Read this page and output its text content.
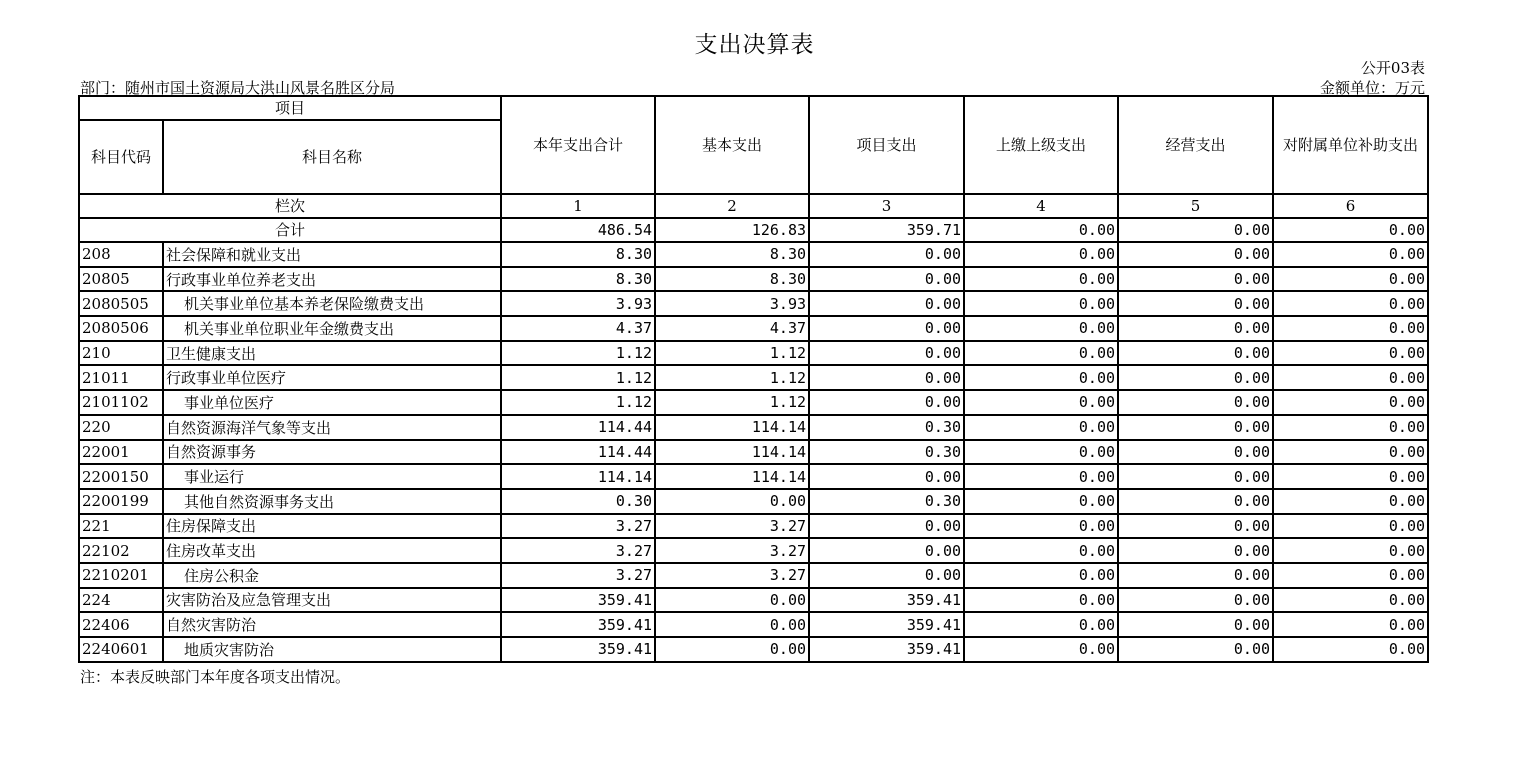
支出决算表
公开03表
部门：随州市国土资源局大洪山风景名胜区分局	金额单位：万元
项目		本年支出合计	基本支出	项目支出	上缴上级支出	经营支出	对附属单位补助支出
科目代码	科目名称						
栏次		1	2	3	4	5	6
合计		486.54	126.83	359.71	0.00	0.00	0.00
208	社会保障和就业支出	8.30	8.30	0.00	0.00	0.00	0.00
20805	行政事业单位养老支出	8.30	8.30	0.00	0.00	0.00	0.00
2080505	机关事业单位基本养老保险缴费支出	3.93	3.93	0.00	0.00	0.00	0.00
2080506	机关事业单位职业年金缴费支出	4.37	4.37	0.00	0.00	0.00	0.00
210	卫生健康支出	1.12	1.12	0.00	0.00	0.00	0.00
21011	行政事业单位医疗	1.12	1.12	0.00	0.00	0.00	0.00
2101102	事业单位医疗	1.12	1.12	0.00	0.00	0.00	0.00
220	自然资源海洋气象等支出	114.44	114.14	0.30	0.00	0.00	0.00
22001	自然资源事务	114.44	114.14	0.30	0.00	0.00	0.00
2200150	事业运行	114.14	114.14	0.00	0.00	0.00	0.00
2200199	其他自然资源事务支出	0.30	0.00	0.30	0.00	0.00	0.00
221	住房保障支出	3.27	3.27	0.00	0.00	0.00	0.00
22102	住房改革支出	3.27	3.27	0.00	0.00	0.00	0.00
2210201	住房公积金	3.27	3.27	0.00	0.00	0.00	0.00
224	灾害防治及应急管理支出	359.41	0.00	359.41	0.00	0.00	0.00
22406	自然灾害防治	359.41	0.00	359.41	0.00	0.00	0.00
2240601	地质灾害防治	359.41	0.00	359.41	0.00	0.00	0.00
注：本表反映部门本年度各项支出情况。
